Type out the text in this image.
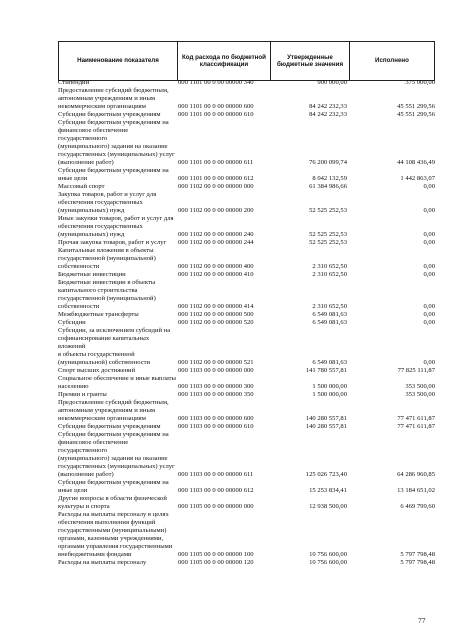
Наименование показателя	Код расхода по бюджетной классификации	Утвержденные бюджетные значения	Исполнено
Стипендии	000 1101 00 0 00 00000 340	900 000,00	375 000,00
Предоставление субсидий бюджетным,
автономным учреждениям и иным
некоммерческим организациям	000 1101 00 0 00 00000 600	84 242 232,33	45 551 299,56
Субсидии бюджетным учреждениям	000 1101 00 0 00 00000 610	84 242 232,33	45 551 299,56
Субсидии бюджетным учреждениям на
финансовое обеспечение государственного
(муниципального) задания на оказание
государственных (муниципальных) услуг
(выполнение работ)	000 1101 00 0 00 00000 611	76 200 099,74	44 108 436,49
Субсидии бюджетным учреждениям на
иные цели	000 1101 00 0 00 00000 612	8 042 132,59	1 442 863,07
Массовый спорт	000 1102 00 0 00 00000 000	61 384 986,66	0,00
Закупка товаров, работ и услуг для
обеспечения государственных
(муниципальных) нужд	000 1102 00 0 00 00000 200	52 525 252,53	0,00
Иные закупки товаров, работ и услуг для
обеспечения государственных
(муниципальных) нужд	000 1102 00 0 00 00000 240	52 525 252,53	0,00
Прочая закупка товаров, работ и услуг	000 1102 00 0 00 00000 244	52 525 252,53	0,00
Капитальные вложения в объекты
государственной (муниципальной)
собственности	000 1102 00 0 00 00000 400	2 310 652,50	0,00
Бюджетные инвестиции	000 1102 00 0 00 00000 410	2 310 652,50	0,00
Бюджетные инвестиции в объекты
капитального строительства
государственной (муниципальной)
собственности	000 1102 00 0 00 00000 414	2 310 652,50	0,00
Межбюджетные трансферты	000 1102 00 0 00 00000 500	6 549 081,63	0,00
Субсидии	000 1102 00 0 00 00000 520	6 549 081,63	0,00
Субсидии, за исключением субсидий на
софинансирование капитальных вложений
в объекты государственной
(муниципальной) собственности	000 1102 00 0 00 00000 521	6 549 081,63	0,00
Спорт высших достижений	000 1103 00 0 00 00000 000	141 780 557,81	77 825 111,87
Социальное обеспечение и иные выплаты
населению	000 1103 00 0 00 00000 300	1 500 000,00	353 500,00
Премии и гранты	000 1103 00 0 00 00000 350	1 500 000,00	353 500,00
Предоставление субсидий бюджетным,
автономным учреждениям и иным
некоммерческим организациям	000 1103 00 0 00 00000 600	140 280 557,81	77 471 611,87
Субсидии бюджетным учреждениям	000 1103 00 0 00 00000 610	140 280 557,81	77 471 611,87
Субсидии бюджетным учреждениям на
финансовое обеспечение государственного
(муниципального) задания на оказание
государственных (муниципальных) услуг
(выполнение работ)	000 1103 00 0 00 00000 611	125 026 723,40	64 286 960,85
Субсидии бюджетным учреждениям на
иные цели	000 1103 00 0 00 00000 612	15 253 834,41	13 184 651,02
Другие вопросы в области физической
культуры и спорта	000 1105 00 0 00 00000 000	12 938 500,00	6 469 799,60
Расходы на выплаты персоналу в целях
обеспечения выполнения функций
государственными (муниципальными)
органами, казенными учреждениями,
органами управления государственными
внебюджетными фондами	000 1105 00 0 00 00000 100	10 756 600,00	5 797 798,48
Расходы на выплаты персоналу	000 1105 00 0 00 00000 120	10 756 600,00	5 797 798,48
77
